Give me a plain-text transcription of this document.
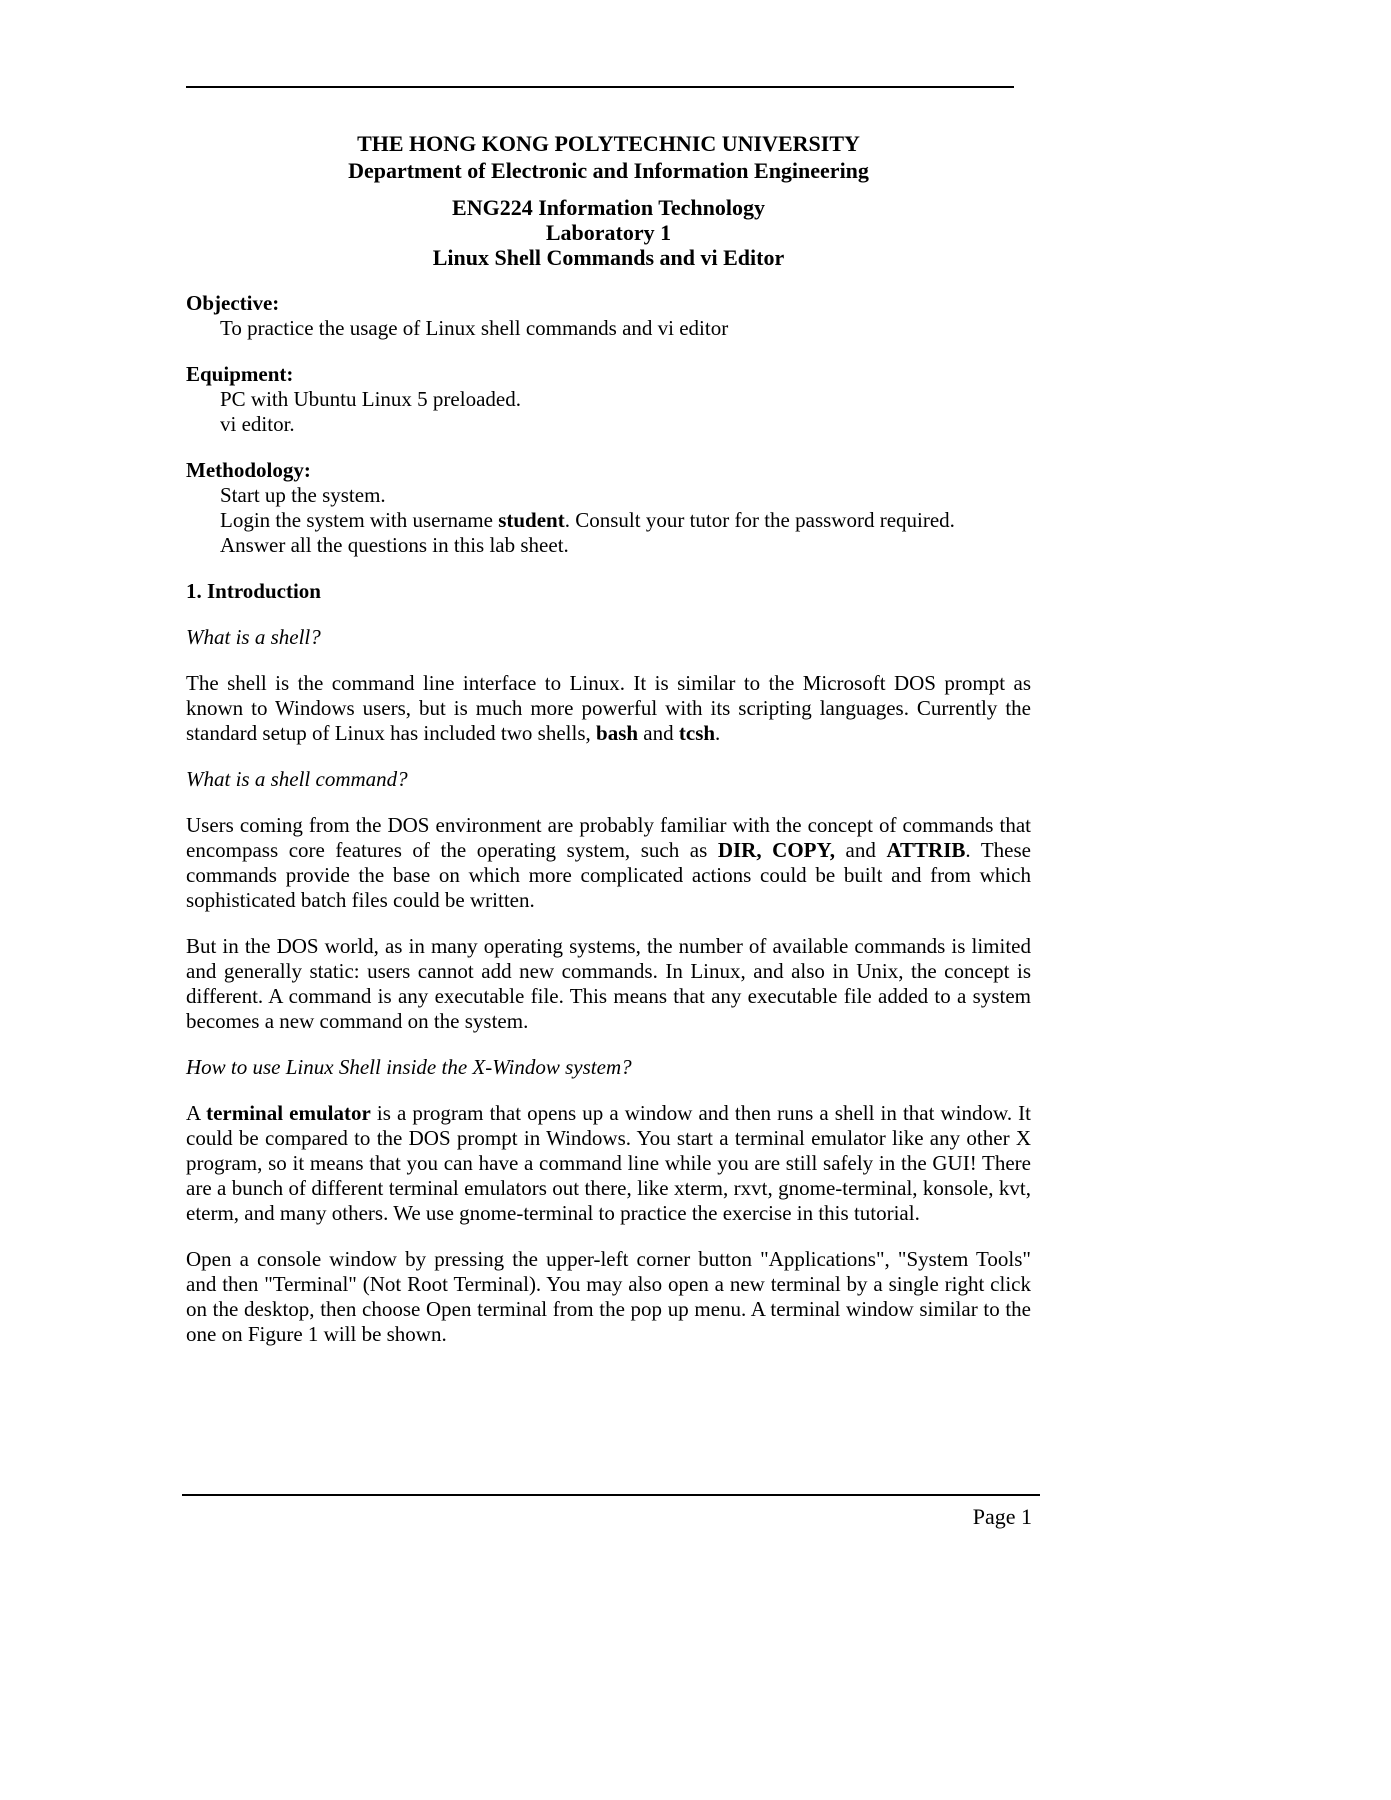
THE HONG KONG POLYTECHNIC UNIVERSITY
Department of Electronic and Information Engineering
ENG224 Information Technology
Laboratory 1
Linux Shell Commands and vi Editor
Objective:
To practice the usage of Linux shell commands and vi editor
Equipment:
PC with Ubuntu Linux 5 preloaded.
vi editor.
Methodology:
Start up the system.
Login the system with username student. Consult your tutor for the password required.
Answer all the questions in this lab sheet.
1. Introduction
What is a shell?
The shell is the command line interface to Linux. It is similar to the Microsoft DOS prompt as known to Windows users, but is much more powerful with its scripting languages. Currently the standard setup of Linux has included two shells, bash and tcsh.
What is a shell command?
Users coming from the DOS environment are probably familiar with the concept of commands that encompass core features of the operating system, such as DIR, COPY, and ATTRIB. These commands provide the base on which more complicated actions could be built and from which sophisticated batch files could be written.
But in the DOS world, as in many operating systems, the number of available commands is limited and generally static: users cannot add new commands. In Linux, and also in Unix, the concept is different. A command is any executable file. This means that any executable file added to a system becomes a new command on the system.
How to use Linux Shell inside the X-Window system?
A terminal emulator is a program that opens up a window and then runs a shell in that window. It could be compared to the DOS prompt in Windows. You start a terminal emulator like any other X program, so it means that you can have a command line while you are still safely in the GUI! There are a bunch of different terminal emulators out there, like xterm, rxvt, gnome-terminal, konsole, kvt, eterm, and many others. We use gnome-terminal to practice the exercise in this tutorial.
Open a console window by pressing the upper-left corner button "Applications", "System Tools" and then "Terminal" (Not Root Terminal). You may also open a new terminal by a single right click on the desktop, then choose Open terminal from the pop up menu. A terminal window similar to the one on Figure 1 will be shown.
Page 1
